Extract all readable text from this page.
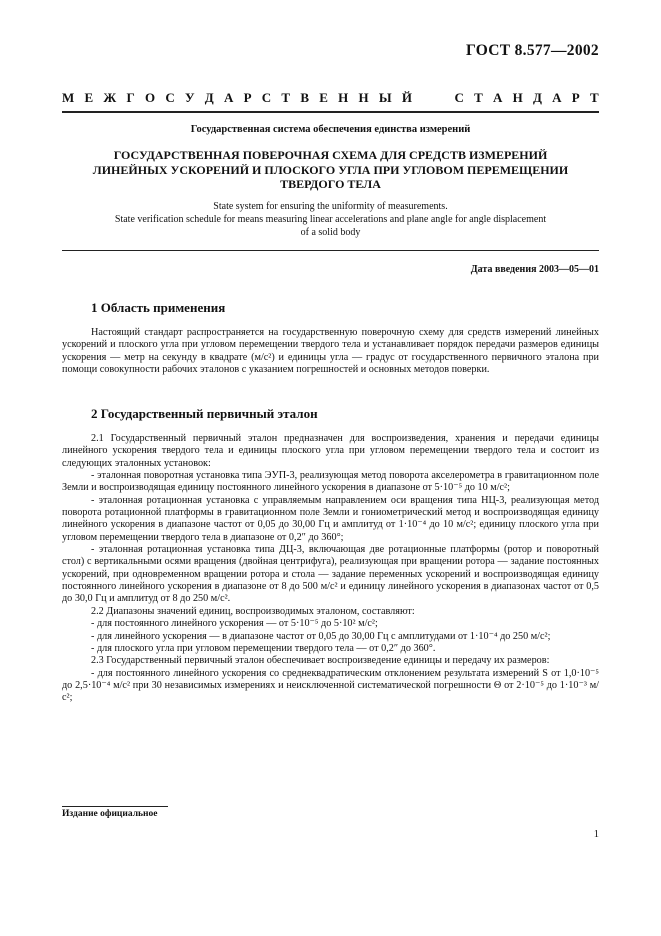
ГОСТ 8.577—2002
М Е Ж Г О С У Д А Р С Т В Е Н Н Ы Й	С Т А Н Д А Р Т
Государственная система обеспечения единства измерений
ГОСУДАРСТВЕННАЯ ПОВЕРОЧНАЯ СХЕМА ДЛЯ СРЕДСТВ ИЗМЕРЕНИЙ
ЛИНЕЙНЫХ УСКОРЕНИЙ И ПЛОСКОГО УГЛА ПРИ УГЛОВОМ ПЕРЕМЕЩЕНИИ
ТВЕРДОГО ТЕЛА
State system for ensuring the uniformity of measurements.
State verification schedule for means measuring linear accelerations and plane angle for angle displacement
of a solid body
Дата введения 2003—05—01
1 Область применения

Настоящий стандарт распространяется на государственную поверочную схему для средств измерений линейных ускорений и плоского угла при угловом перемещении твердого тела и устанавливает порядок передачи размеров единицы ускорения — метр на секунду в квадрате (м/с²) и единицы угла — градус от государственного первичного эталона при помощи совокупности рабочих эталонов с указанием погрешностей и основных методов поверки.

2 Государственный первичный эталон

2.1 Государственный первичный эталон предназначен для воспроизведения, хранения и передачи единицы линейного ускорения твердого тела и единицы плоского угла при угловом перемещении твердого тела и состоит из следующих эталонных установок:

- эталонная поворотная установка типа ЭУП-3, реализующая метод поворота акселерометра в гравитационном поле Земли и воспроизводящая единицу постоянного линейного ускорения в диапазоне от 5·10⁻⁵ до 10 м/с²;

- эталонная ротационная установка с управляемым направлением оси вращения типа НЦ-3, реализующая метод поворота ротационной платформы в гравитационном поле Земли и гониометрический метод и воспроизводящая единицу линейного ускорения в диапазоне частот от 0,05 до 30,00 Гц и амплитуд от 1·10⁻⁴ до 10 м/с²; единицу плоского угла при угловом перемещении твердого тела в диапазоне от 0,2″ до 360°;

- эталонная ротационная установка типа ДЦ-3, включающая две ротационные платформы (ротор и поворотный стол) с вертикальными осями вращения (двойная центрифуга), реализующая при вращении ротора — задание постоянных ускорений, при одновременном вращении ротора и стола — задание переменных ускорений и воспроизводящая единицу постоянного линейного ускорения в диапазоне от 8 до 500 м/с² и единицу линейного ускорения в диапазонах частот от 0,5 до 30,0 Гц и амплитуд от 8 до 250 м/с².

2.2 Диапазоны значений единиц, воспроизводимых эталоном, составляют:

- для постоянного линейного ускорения — от 5·10⁻⁵ до 5·10² м/с²;

- для линейного ускорения — в диапазоне частот от 0,05 до 30,00 Гц с амплитудами от 1·10⁻⁴ до 250 м/с²;

- для плоского угла при угловом перемещении твердого тела — от 0,2″ до 360°.

2.3 Государственный первичный эталон обеспечивает воспроизведение единицы и передачу их размеров:

- для постоянного линейного ускорения со среднеквадратическим отклонением результата измерений S от 1,0·10⁻⁵ до 2,5·10⁻⁴ м/с² при 30 независимых измерениях и неисключенной систематической погрешности Θ от 2·10⁻⁵ до 1·10⁻³ м/с²;

Издание официальное
1
